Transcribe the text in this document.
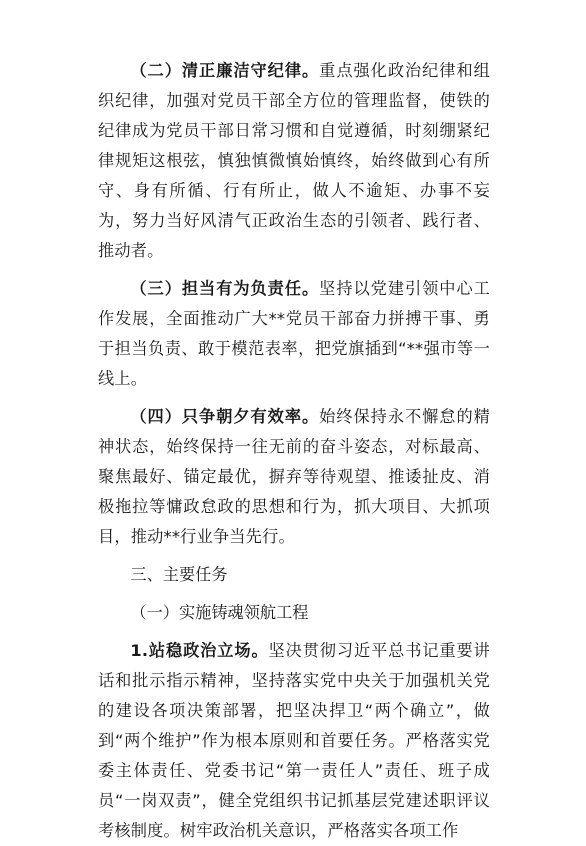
（二）清正廉洁守纪律。重点强化政治纪律和组织纪律，加强对党员干部全方位的管理监督，使铁的纪律成为党员干部日常习惯和自觉遵循，时刻绷紧纪律规矩这根弦，慎独慎微慎始慎终，始终做到心有所守、身有所循、行有所止，做人不逾矩、办事不妄为，努力当好风清气正政治生态的引领者、践行者、推动者。

（三）担当有为负责任。坚持以党建引领中心工作发展，全面推动广大**党员干部奋力拼搏干事、勇于担当负责、敢于模范表率，把党旗插到“**强市等一线上。

（四）只争朝夕有效率。始终保持永不懈怠的精神状态，始终保持一往无前的奋斗姿态，对标最高、聚焦最好、锚定最优，摒弃等待观望、推诿扯皮、消极拖拉等慵政怠政的思想和行为，抓大项目、大抓项目，推动**行业争当先行。

三、主要任务

（一）实施铸魂领航工程

1.站稳政治立场。坚决贯彻习近平总书记重要讲话和批示指示精神，坚持落实党中央关于加强机关党的建设各项决策部署，把坚决捍卫“两个确立”，做到“两个维护”作为根本原则和首要任务。严格落实党委主体责任、党委书记“第一责任人”责任、班子成员“一岗双责”，健全党组织书记抓基层党建述职评议考核制度。树牢政治机关意识，严格落实各项工作
